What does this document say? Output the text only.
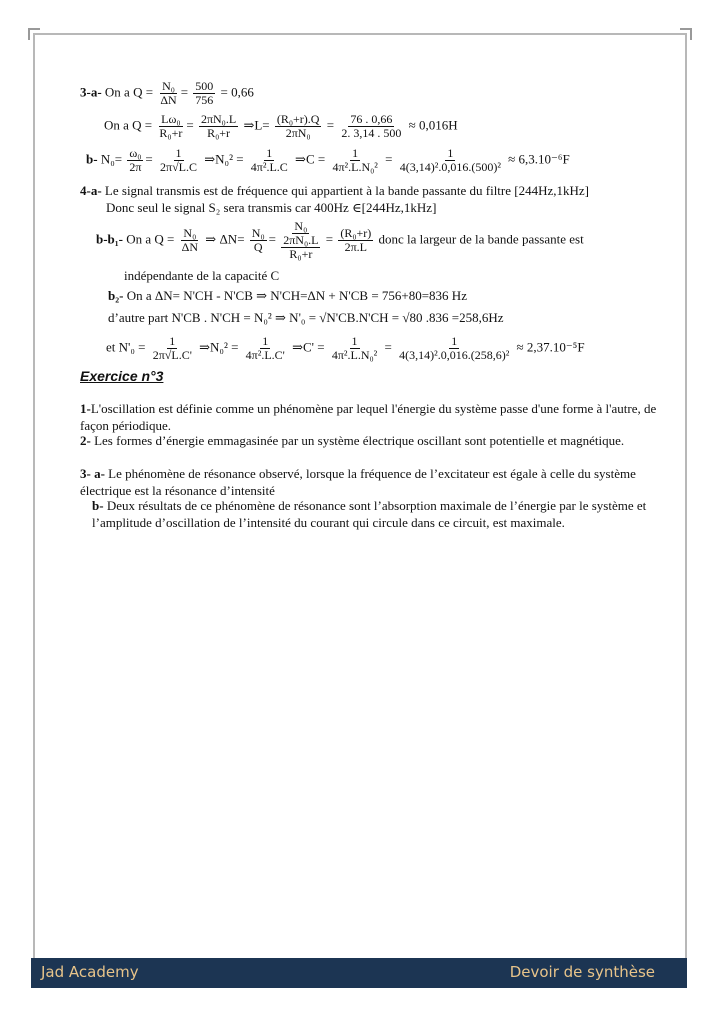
3-a- On a $Q = \frac{\text{N₀}}{\Delta N} = \frac{500}{756} = 0,66$
On a $Q = \frac{\text{Lω₀}}{\text{R₀+r}} = \frac{\text{2πN₀.L}}{\text{R₀+r}}$ ⇒L= $\frac{\text{(R₀+r).Q}}{\text{2πN₀}} = \frac{76 . 0,66}{2. 3,14 . 500} \approx 0,016H$
b- $N_0= \frac{\text{ω₀}}{2\pi} = \frac{1}{2\pi√L.C}$ ⇒N₀² = $\frac{1}{\text{4π².L.C}}$ ⇒C = $\frac{1}{\text{4π².L.N₀²}} = \frac{1}{\text{4(3,14)².0,016.(500)²}} \approx 6,3.10^{-6}F$
4-a- Le signal transmis est de fréquence qui appartient à la bande passante du filtre [244Hz,1kHz]
Donc seul le signal S₂ sera transmis car 400Hz ∈[244Hz,1kHz]
b-b₁- On a $Q = \frac{\text{N₀}}{\Delta N}$ ⇒ $\Delta N= \frac{\text{N₀}}{Q}$ =
N₀
2πN₀.L
R₀+r
= $\frac{\text{(R₀+r)}}{2\pi.L}$ donc la largeur de la bande passante est
indépendante de la capacité C
b₂- On a ΔN= N'CH - N'CB ⇒ N'CH=ΔN + N'CB = 756+80=836 Hz
d’autre part N'CB . N'CH = N₀² ⇒ N'₀ = √N'CB.N'CH = √80 .836 =258,6Hz
et $N'_0 = \frac{1}{2\pi√L.C'}$ ⇒N₀² = $\frac{1}{\text{4π².L.C'}}$ ⇒C' = $\frac{1}{\text{4π².L.N₀²}} = \frac{1}{\text{4(3,14)².0,016.(258,6)²}} \approx 2,37.10^{-5}F$
Exercice n°3
1-L'oscillation est définie comme un phénomène par lequel l'énergie du système passe d'une forme à l'autre, de façon périodique.
2- Les formes d’énergie emmagasinée par un système électrique oscillant sont potentielle et magnétique.
3- a- Le phénomène de résonance observé, lorsque la fréquence de l’excitateur est égale à celle du système électrique est la résonance d’intensité
b- Deux résultats de ce phénomène de résonance sont l’absorption maximale de l’énergie par le système et l’amplitude d’oscillation de l’intensité du courant qui circule dans ce circuit, est maximale.
Jad Academy	Devoir de synthèse
